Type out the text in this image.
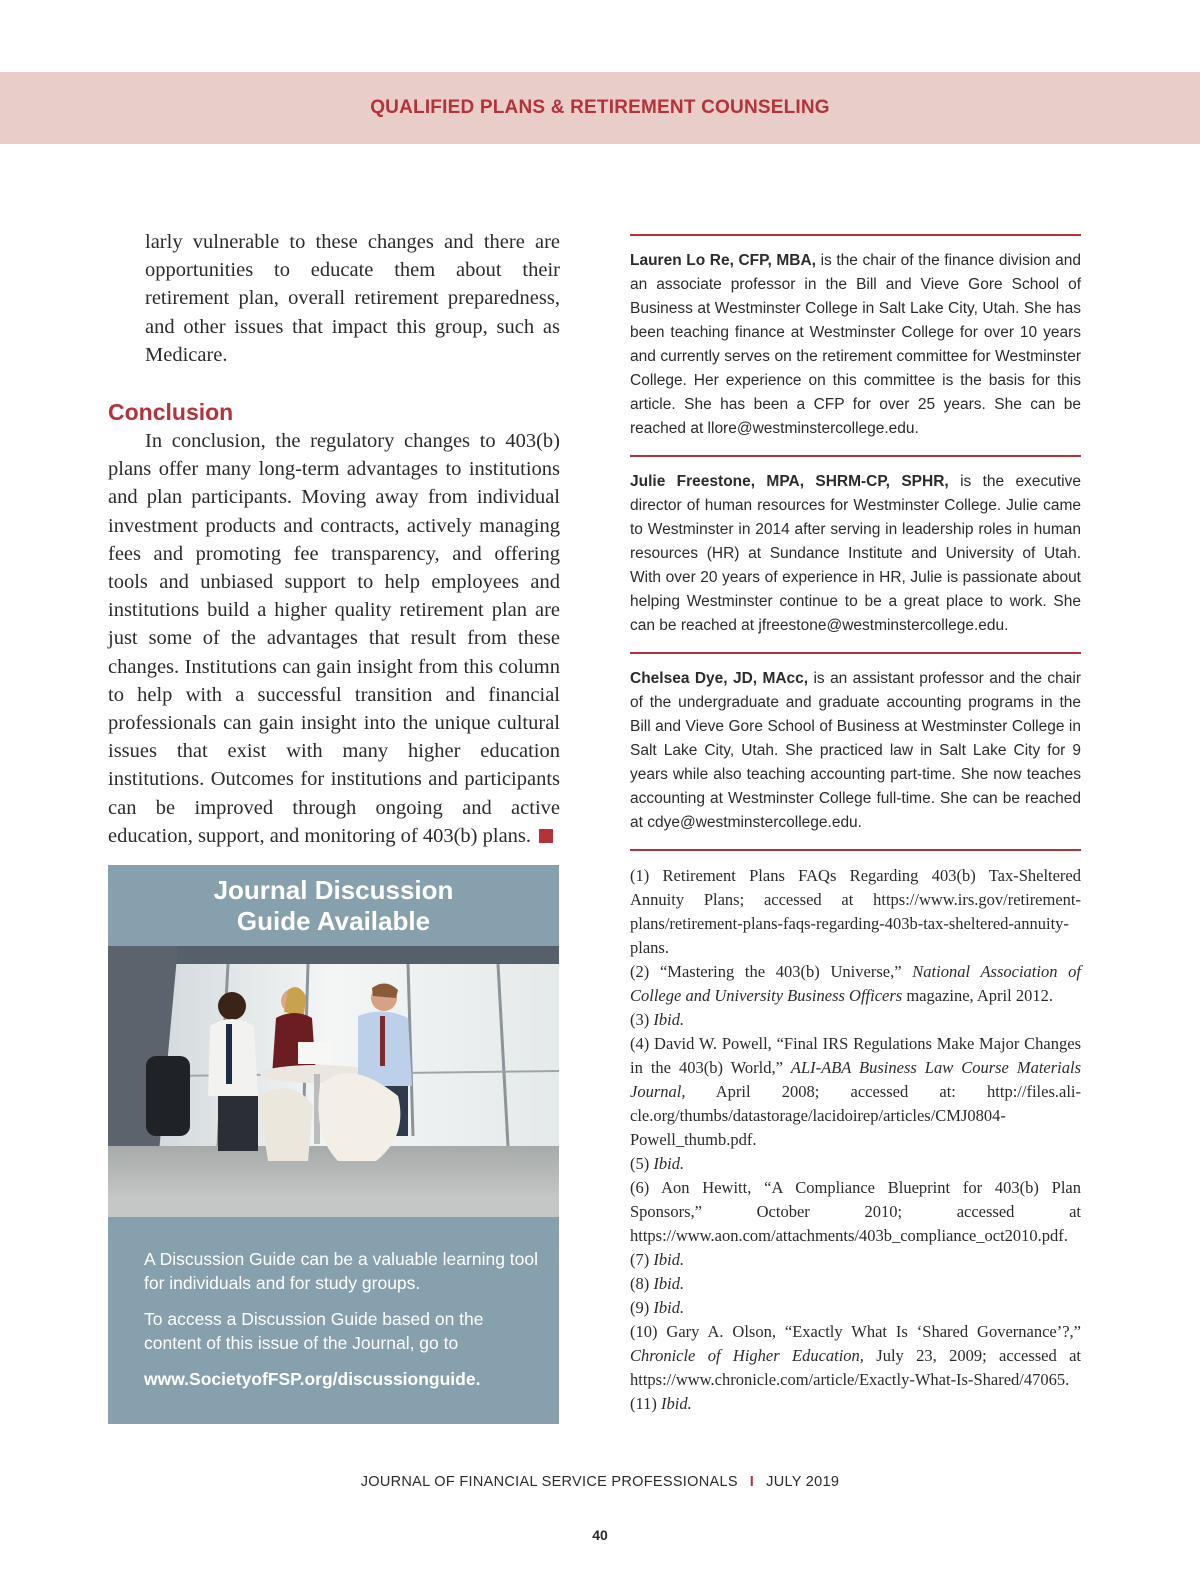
QUALIFIED PLANS & RETIREMENT COUNSELING

larly vulnerable to these changes and there are opportunities to educate them about their retirement plan, overall retirement preparedness, and other issues that impact this group, such as Medicare.

Conclusion

In conclusion, the regulatory changes to 403(b) plans offer many long-term advantages to institutions and plan participants. Moving away from individual investment products and contracts, actively managing fees and promoting fee transparency, and offering tools and unbiased support to help employees and institutions build a higher quality retirement plan are just some of the advantages that result from these changes. Institutions can gain insight from this column to help with a successful transition and financial professionals can gain insight into the unique cultural issues that exist with many higher education institutions. Outcomes for institutions and participants can be improved through ongoing and active education, support, and monitoring of 403(b) plans.

Journal Discussion
Guide Available

A Discussion Guide can be a valuable learning tool for individuals and for study groups.

To access a Discussion Guide based on the content of this issue of the Journal, go to

www.SocietyofFSP.org/discussionguide.

Lauren Lo Re, CFP, MBA, is the chair of the finance division and an associate professor in the Bill and Vieve Gore School of Business at Westminster College in Salt Lake City, Utah. She has been teaching finance at Westminster College for over 10 years and currently serves on the retirement committee for Westminster College. Her experience on this committee is the basis for this article. She has been a CFP for over 25 years. She can be reached at llore@westminstercollege.edu.

Julie Freestone, MPA, SHRM-CP, SPHR, is the executive director of human resources for Westminster College. Julie came to Westminster in 2014 after serving in leadership roles in human resources (HR) at Sundance Institute and University of Utah. With over 20 years of experience in HR, Julie is passionate about helping Westminster continue to be a great place to work. She can be reached at jfreestone@westminstercollege.edu.

Chelsea Dye, JD, MAcc, is an assistant professor and the chair of the undergraduate and graduate accounting programs in the Bill and Vieve Gore School of Business at Westminster College in Salt Lake City, Utah. She practiced law in Salt Lake City for 9 years while also teaching accounting part-time. She now teaches accounting at Westminster College full-time. She can be reached at cdye@westminstercollege.edu.

(1) Retirement Plans FAQs Regarding 403(b) Tax-Sheltered Annuity Plans; accessed at https://www.irs.gov/retirement-plans/retirement-plans-faqs-regarding-403b-tax-sheltered-annuity-plans.

(2) “Mastering the 403(b) Universe,” National Association of College and University Business Officers magazine, April 2012.

(3) Ibid.

(4) David W. Powell, “Final IRS Regulations Make Major Changes in the 403(b) World,” ALI-ABA Business Law Course Materials Journal, April 2008; accessed at: http://files.ali-cle.org/thumbs/datastorage/lacidoirep/articles/CMJ0804-Powell_thumb.pdf.

(5) Ibid.

(6) Aon Hewitt, “A Compliance Blueprint for 403(b) Plan Sponsors,” October 2010; accessed at https://www.aon.com/attachments/403b_compliance_oct2010.pdf.

(7) Ibid.

(8) Ibid.

(9) Ibid.

(10) Gary A. Olson, “Exactly What Is ‘Shared Governance’?,” Chronicle of Higher Education, July 23, 2009; accessed at https://www.chronicle.com/article/Exactly-What-Is-Shared/47065.

(11) Ibid.

JOURNAL OF FINANCIAL SERVICE PROFESSIONALS I JULY 2019
40
